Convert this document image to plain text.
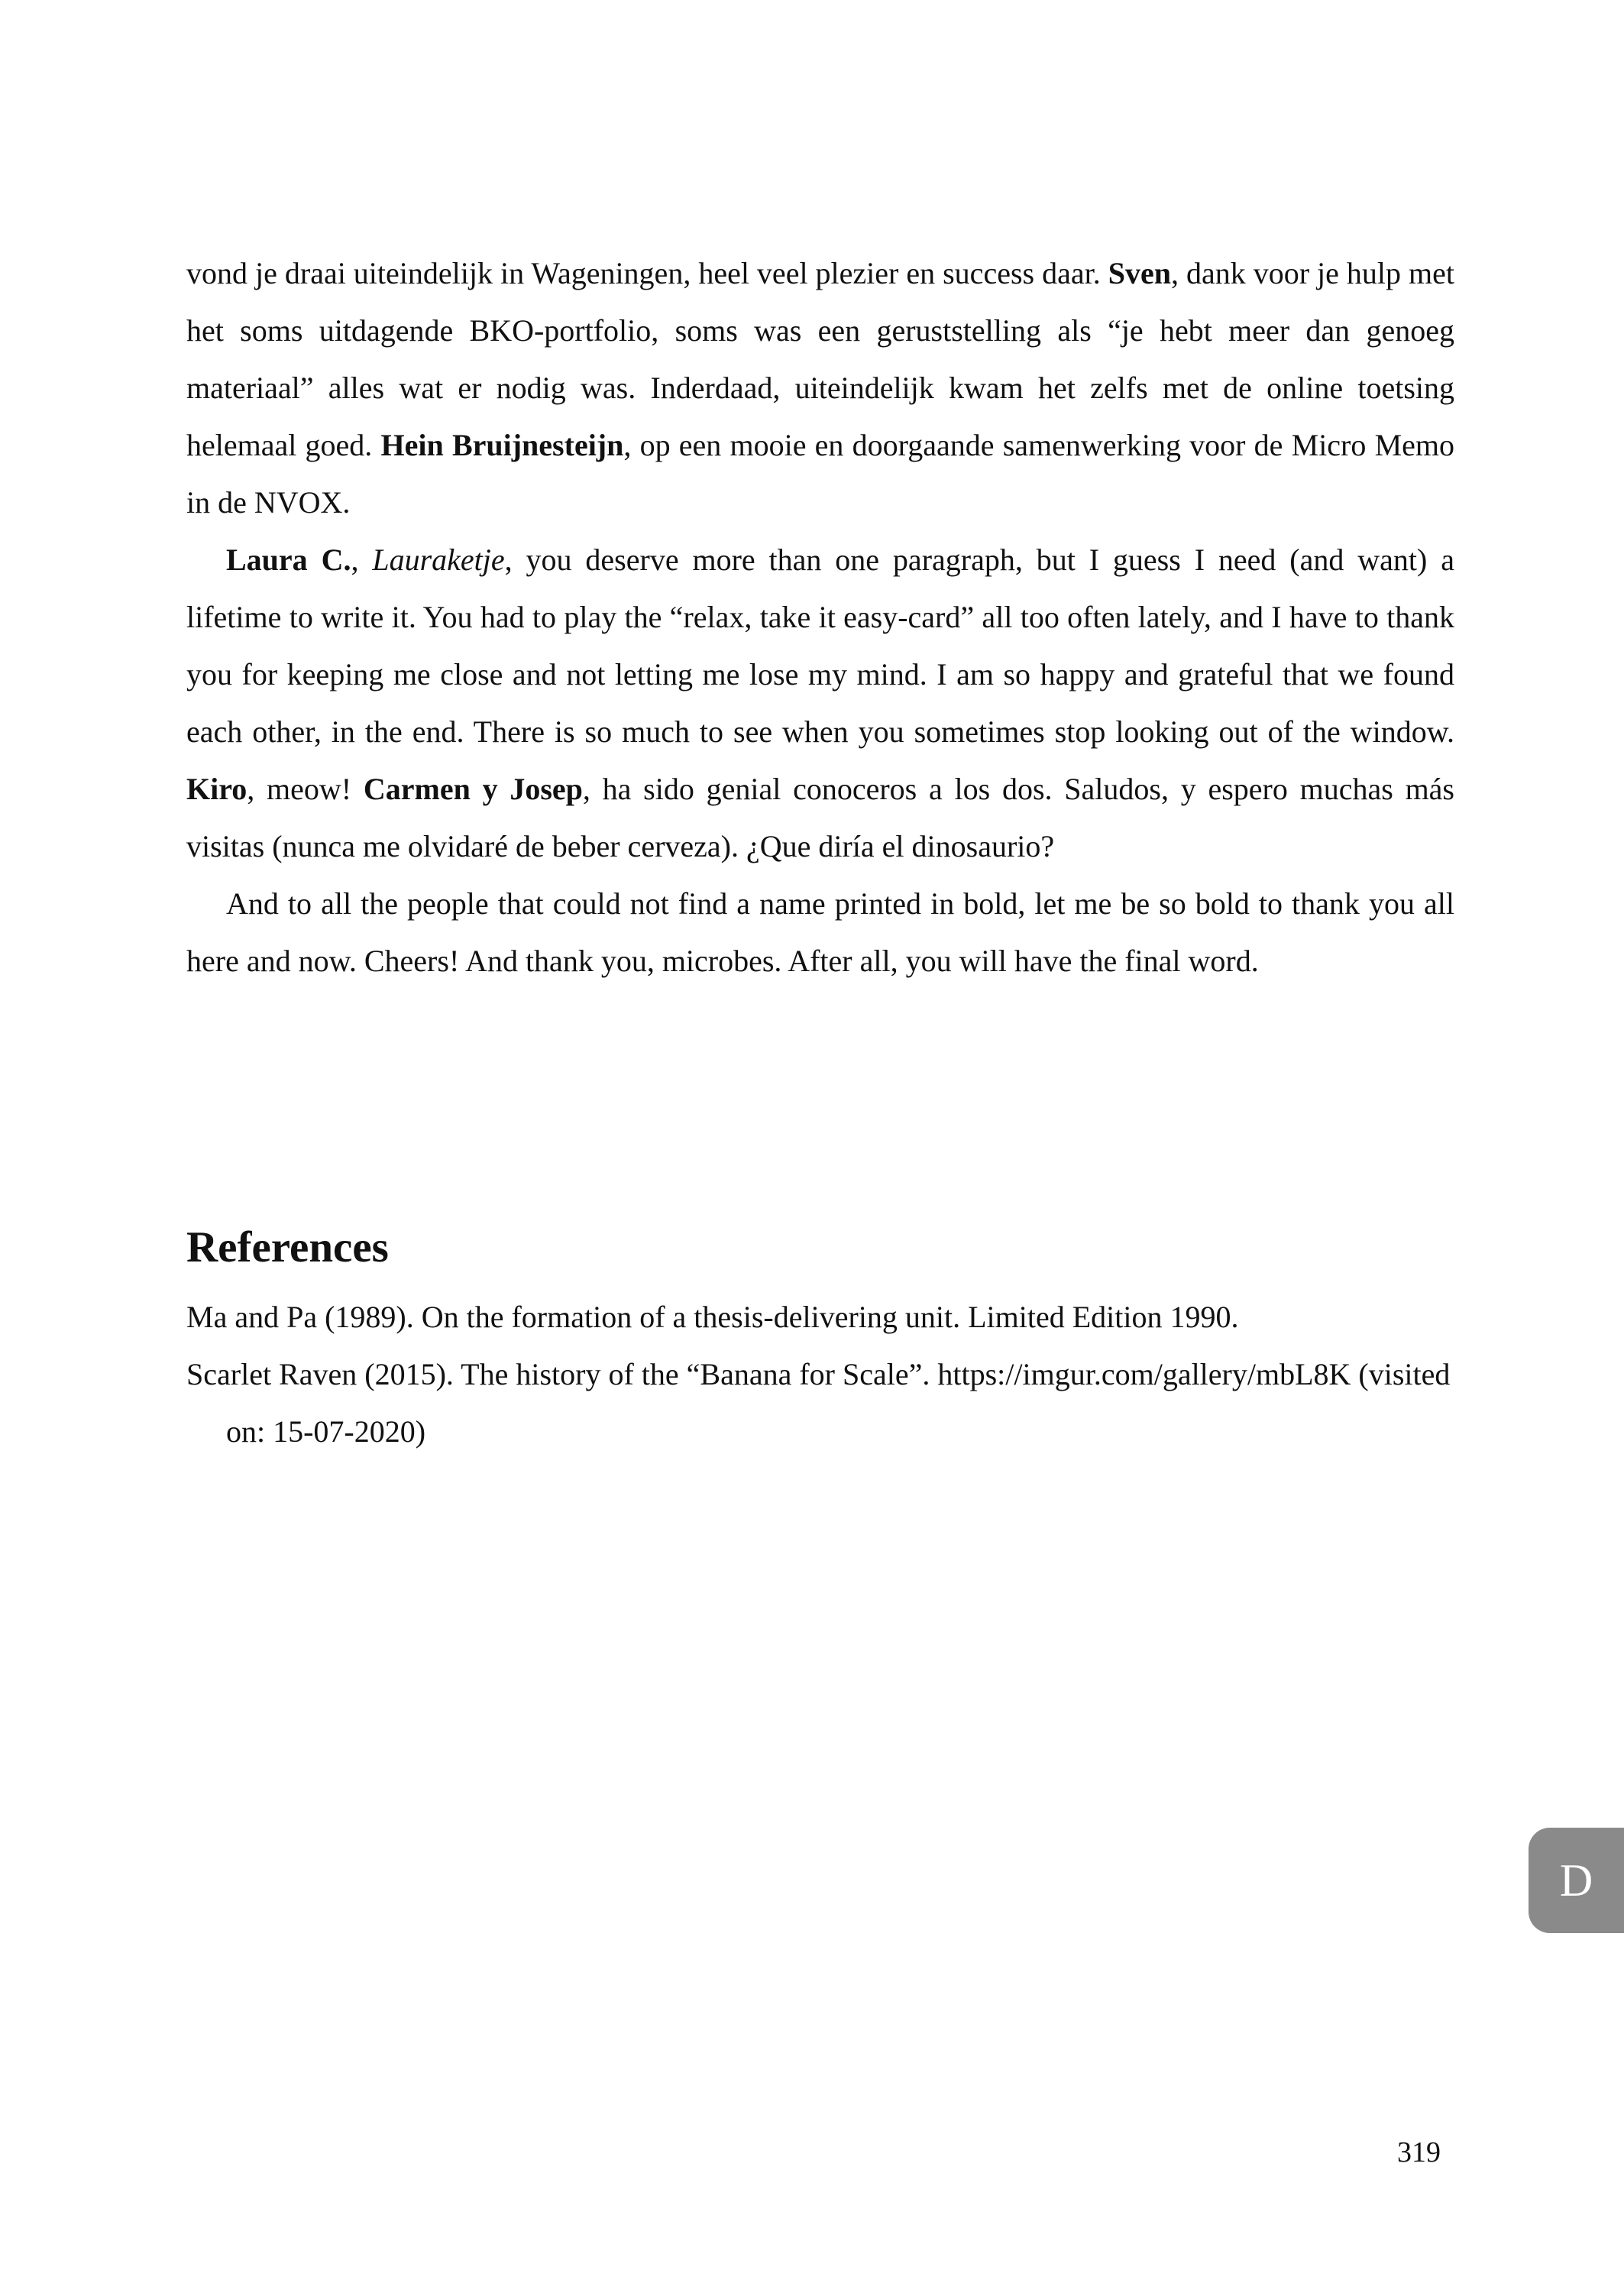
vond je draai uiteindelijk in Wageningen, heel veel plezier en success daar. Sven, dank voor je hulp met het soms uitdagende BKO-portfolio, soms was een geruststelling als “je hebt meer dan genoeg materiaal” alles wat er nodig was. Inderdaad, uiteindelijk kwam het zelfs met de online toetsing helemaal goed. Hein Bruijnesteijn, op een mooie en doorgaande samenwerking voor de Micro Memo in de NVOX.

Laura C., Lauraketje, you deserve more than one paragraph, but I guess I need (and want) a lifetime to write it. You had to play the “relax, take it easy-card” all too often lately, and I have to thank you for keeping me close and not letting me lose my mind. I am so happy and grateful that we found each other, in the end. There is so much to see when you sometimes stop looking out of the window. Kiro, meow! Carmen y Josep, ha sido genial conoceros a los dos. Saludos, y espero muchas más visitas (nunca me olvidaré de beber cerveza). ¿Que diría el dinosaurio?

And to all the people that could not find a name printed in bold, let me be so bold to thank you all here and now. Cheers! And thank you, microbes. After all, you will have the final word.

References

Ma and Pa (1989). On the formation of a thesis-delivering unit. Limited Edition 1990.

Scarlet Raven (2015). The history of the “Banana for Scale”. https://imgur.com/gallery/mbL8K (visited on: 15-07-2020)

D
319
